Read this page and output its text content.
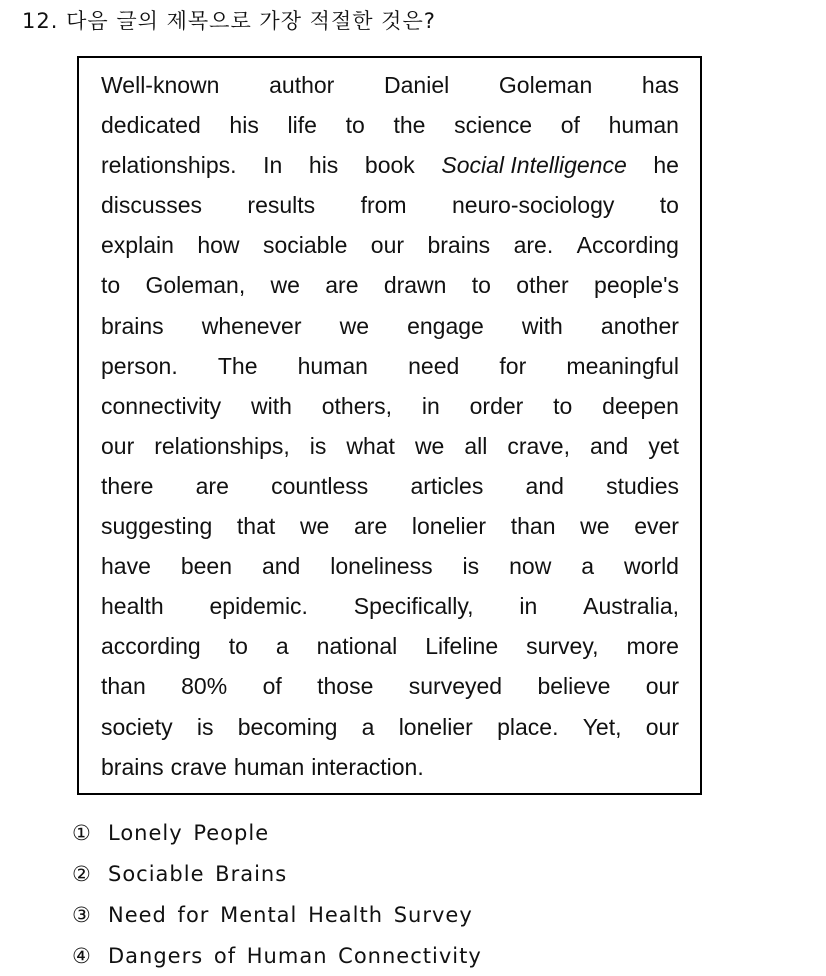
12. 다음 글의 제목으로 가장 적절한 것은?
Well-known author Daniel Goleman has
dedicated his life to the science of human
relationships. In his book Social Intelligence he
discusses results from neuro-sociology to
explain how sociable our brains are. According
to Goleman, we are drawn to other people's
brains whenever we engage with another
person. The human need for meaningful
connectivity with others, in order to deepen
our relationships, is what we all crave, and yet
there are countless articles and studies
suggesting that we are lonelier than we ever
have been and loneliness is now a world
health epidemic. Specifically, in Australia,
according to a national Lifeline survey, more
than 80% of those surveyed believe our
society is becoming a lonelier place. Yet, our
brains crave human interaction.
① Lonely People
② Sociable Brains
③ Need for Mental Health Survey
④ Dangers of Human Connectivity
